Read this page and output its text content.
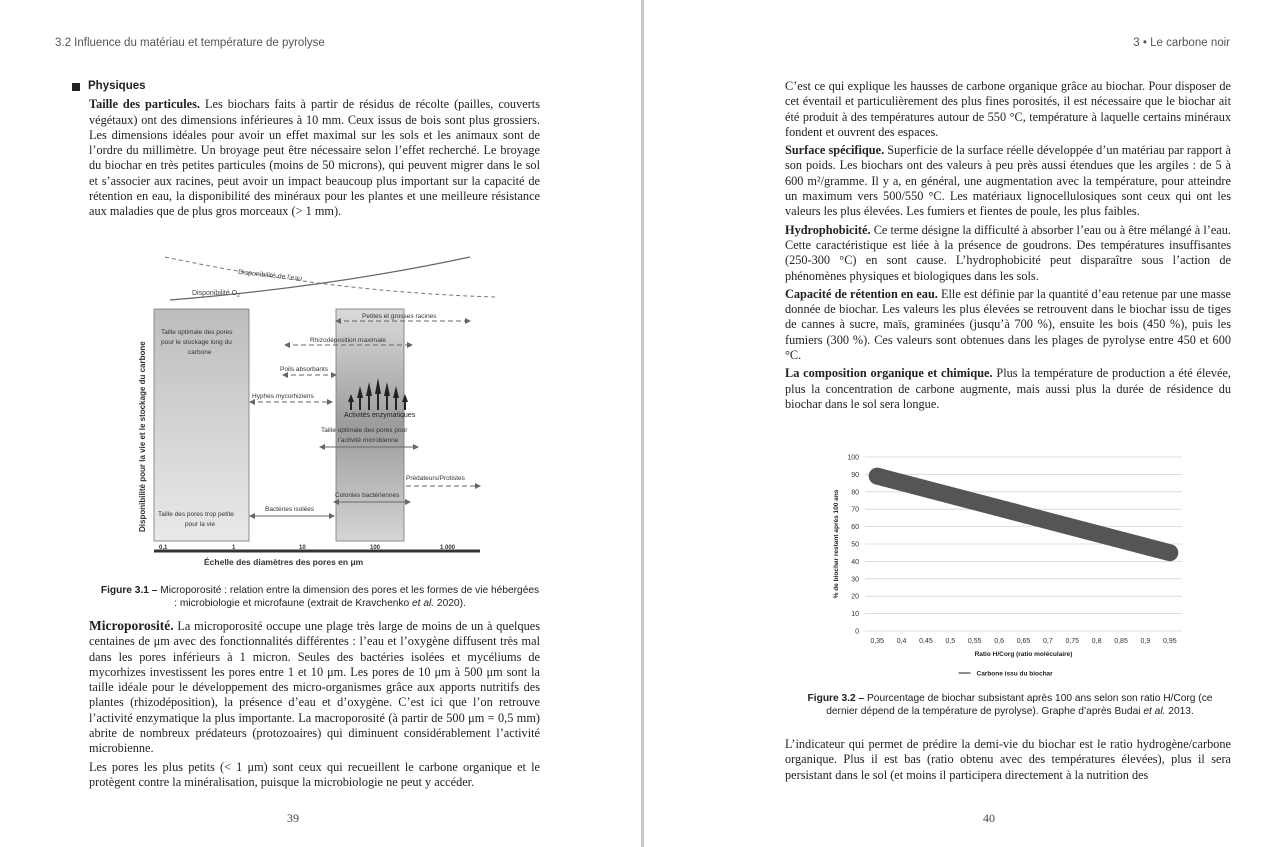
3.2 Influence du matériau et température de pyrolyse
Physiques

Taille des particules. Les biochars faits à partir de résidus de récolte (pailles, couverts végétaux) ont des dimensions inférieures à 10 mm. Ceux issus de bois sont plus grossiers. Les dimensions idéales pour avoir un effet maximal sur les sols et les animaux sont de l’ordre du millimètre. Un broyage peut être nécessaire selon l’effet recherché. Le broyage du biochar en très petites particules (moins de 50 microns), qui peuvent migrer dans le sol et s’associer aux racines, peut avoir un impact beaucoup plus important sur la capacité de rétention en eau, la disponibilité des minéraux pour les plantes et une meilleure résistance aux maladies que de plus gros morceaux (> 1 mm).

Disponibilité de l’eau
Disponibilité $O_2$
Disponibilité pour la vie et le stockage du carbone
Taille optimale des pores
pour le stockage long du
carbone
Taille des pores trop petite
pour la vie
Petites et grosses racines
Rhizodéposition maximale
Poils absorbants
Hyphes mycorhiziens
Activités enzymatiques
Taille optimale des pores pour
l’activité microbienne
Prédateurs/Protistes
Colonies bactériennes
Bactéries isolées
0,1	1	10	100	1 000
Échelle des diamètres des pores en μm
Figure 3.1 – Microporosité : relation entre la dimension des pores et les formes de vie hébergées : microbiologie et microfaune (extrait de Kravchenko et al. 2020).

Microporosité. La microporosité occupe une plage très large de moins de un à quelques centaines de μm avec des fonctionnalités différentes : l’eau et l’oxygène diffusent très mal dans les pores inférieurs à 1 micron. Seules des bactéries isolées et mycéliums de mycorhizes investissent les pores entre 1 et 10 μm. Les pores de 10 μm à 500 μm sont la taille idéale pour le développement des micro-organismes grâce aux apports nutritifs des plantes (rhizodéposition), la présence d’eau et d’oxygène. C’est ici que l’on retrouve l’activité enzymatique la plus importante. La macroporosité (à partir de 500 μm = 0,5 mm) abrite de nombreux prédateurs (protozoaires) qui diminuent considérablement l’activité microbienne.

Les pores les plus petits (< 1 μm) sont ceux qui recueillent le carbone organique et le protègent contre la minéralisation, puisque la microbiologie ne peut y accéder.

39
3 • Le carbone noir

C’est ce qui explique les hausses de carbone organique grâce au biochar. Pour disposer de cet éventail et particulièrement des plus fines porosités, il est nécessaire que le biochar ait été produit à des températures autour de 550 °C, température à laquelle certains minéraux fondent et ouvrent des espaces.

Surface spécifique. Superficie de la surface réelle développée d’un matériau par rapport à son poids. Les biochars ont des valeurs à peu près aussi étendues que les argiles : de 5 à 600 m²/gramme. Il y a, en général, une augmentation avec la température, pour atteindre un maximum vers 500/550 °C. Les matériaux lignocellulosiques sont ceux qui ont les valeurs les plus élevées. Les fumiers et fientes de poule, les plus faibles.

Hydrophobicité. Ce terme désigne la difficulté à absorber l’eau ou à être mélangé à l’eau. Cette caractéristique est liée à la présence de goudrons. Des températures insuffisantes (250-300 °C) en sont cause. L’hydrophobicité peut disparaître sous l’action de phénomènes physiques et biologiques dans les sols.

Capacité de rétention en eau. Elle est définie par la quantité d’eau retenue par une masse donnée de biochar. Les valeurs les plus élevées se retrouvent dans le biochar issu de tiges de cannes à sucre, maïs, graminées (jusqu’à 700 %), ensuite les bois (450 %), puis les fumiers (300 %). Ces valeurs sont obtenues dans les plages de pyrolyse entre 450 et 600 °C.

La composition organique et chimique. Plus la température de production a été élevée, plus la concentration de carbone augmente, mais aussi plus la durée de résidence du biochar dans le sol sera longue.

0
10
20
30
40
50
60
70
80
90
100
0,35 0,4 0,45 0,5 0,55 0,6 0,65 0,7 0,75 0,8 0,85 0,9 0,95
% de biochar restant après 100 ans
Ratio H/Corg (ratio moléculaire)
Carbone issu du biochar
Figure 3.2 – Pourcentage de biochar subsistant après 100 ans selon son ratio H/Corg (ce dernier dépend de la température de pyrolyse). Graphe d’après Budai et al. 2013.

L’indicateur qui permet de prédire la demi-vie du biochar est le ratio hydrogène/carbone organique. Plus il est bas (ratio obtenu avec des températures élevées), plus il sera persistant dans le sol (et moins il participera directement à la nutrition des

40
